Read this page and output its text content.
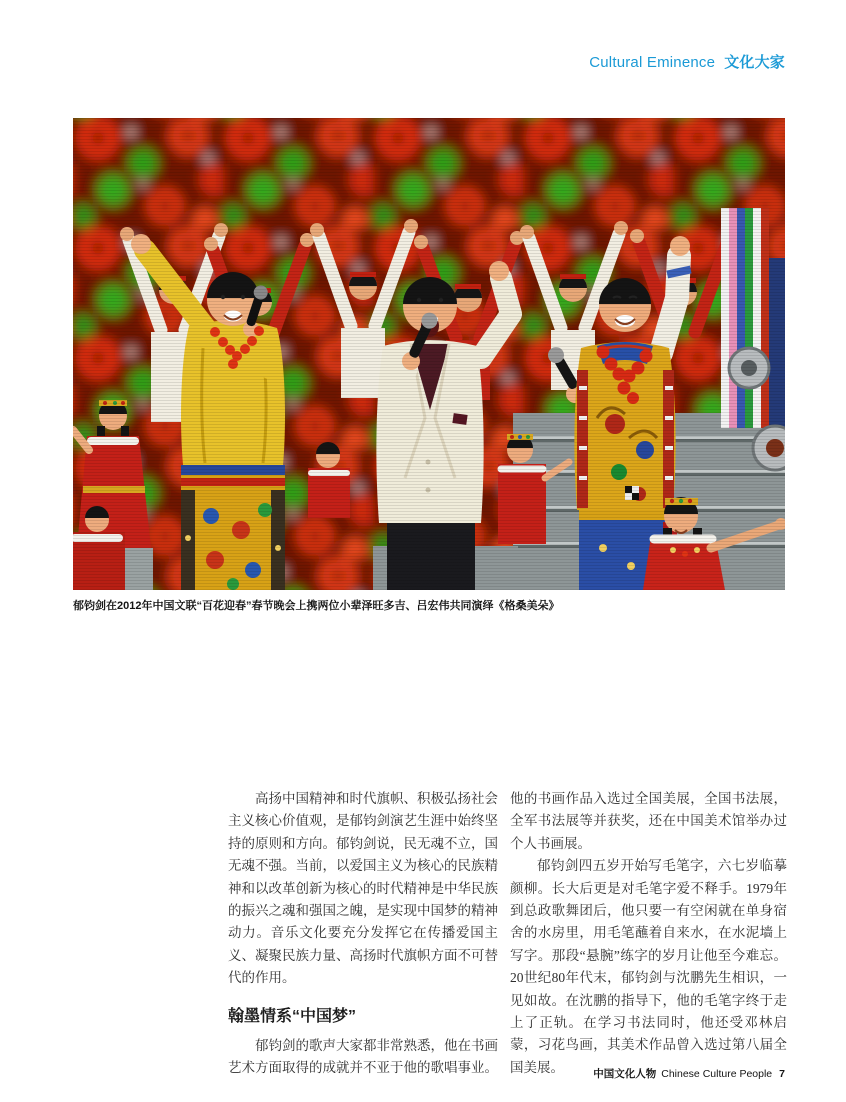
Cultural Eminence 文化大家
郁钧剑在2012年中国文联“百花迎春”春节晚会上携两位小辈泽旺多吉、吕宏伟共同演绎《格桑美朵》

高扬中国精神和时代旗帜、积极弘扬社会主义核心价值观，是郁钧剑演艺生涯中始终坚持的原则和方向。郁钧剑说，民无魂不立，国无魂不强。当前，以爱国主义为核心的民族精神和以改革创新为核心的时代精神是中华民族的振兴之魂和强国之魄，是实现中国梦的精神动力。音乐文化要充分发挥它在传播爱国主义、凝聚民族力量、高扬时代旗帜方面不可替代的作用。

翰墨情系“中国梦”

郁钧剑的歌声大家都非常熟悉，他在书画艺术方面取得的成就并不亚于他的歌唱事业。

他的书画作品入选过全国美展，全国书法展，全军书法展等并获奖，还在中国美术馆举办过个人书画展。

郁钧剑四五岁开始写毛笔字，六七岁临摹颜柳。长大后更是对毛笔字爱不释手。1979年到总政歌舞团后，他只要一有空闲就在单身宿舍的水房里，用毛笔蘸着自来水，在水泥墙上写字。那段“悬腕”练字的岁月让他至今难忘。20世纪80年代末，郁钧剑与沈鹏先生相识，一见如故。在沈鹏的指导下，他的毛笔字终于走上了正轨。在学习书法同时，他还受邓林启蒙，习花鸟画，其美术作品曾入选过第八届全国美展。	中国文化人物 Chinese Culture People 7
